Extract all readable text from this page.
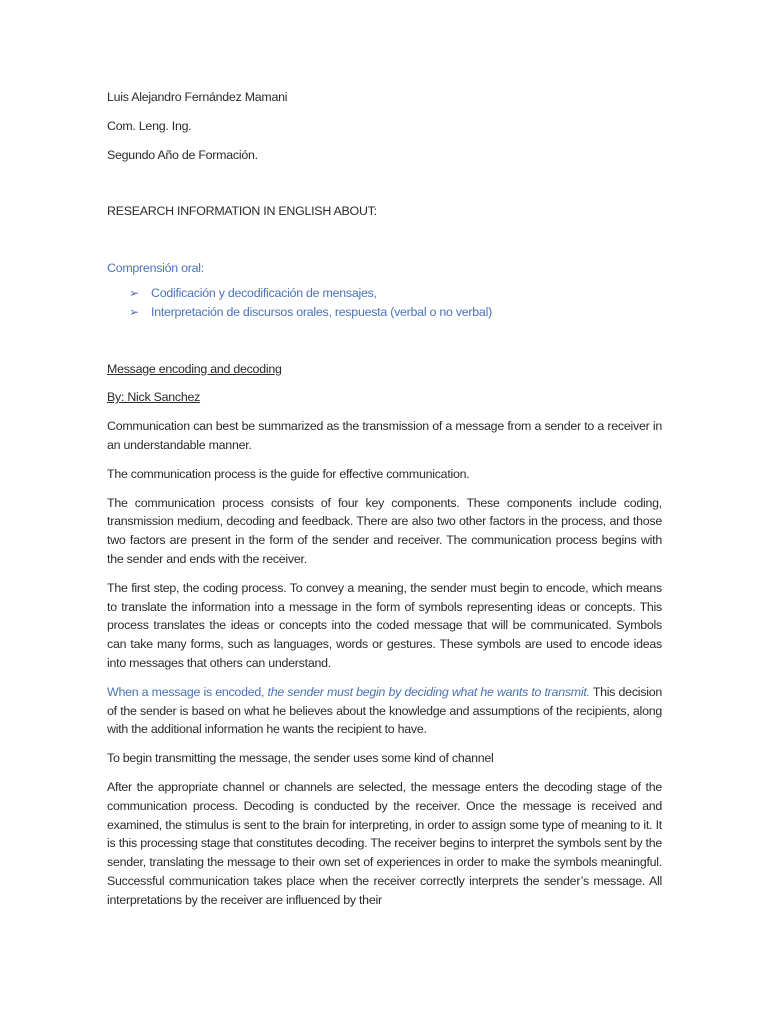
Luis Alejandro Fernández Mamani

Com. Leng. Ing.

Segundo Año de Formación.

RESEARCH INFORMATION IN ENGLISH ABOUT:

Comprensión oral:

➢ Codificación y decodificación de mensajes,
➢ Interpretación de discursos orales, respuesta (verbal o no verbal)

Message encoding and decoding

By: Nick Sanchez

Communication can best be summarized as the transmission of a message from a sender to a receiver in an understandable manner.

The communication process is the guide for effective communication.

The communication process consists of four key components. These components include coding, transmission medium, decoding and feedback. There are also two other factors in the process, and those two factors are present in the form of the sender and receiver. The communication process begins with the sender and ends with the receiver.

The first step, the coding process. To convey a meaning, the sender must begin to encode, which means to translate the information into a message in the form of symbols representing ideas or concepts. This process translates the ideas or concepts into the coded message that will be communicated. Symbols can take many forms, such as languages, words or gestures. These symbols are used to encode ideas into messages that others can understand.

When a message is encoded, the sender must begin by deciding what he wants to transmit. This decision of the sender is based on what he believes about the knowledge and assumptions of the recipients, along with the additional information he wants the recipient to have.

To begin transmitting the message, the sender uses some kind of channel

After the appropriate channel or channels are selected, the message enters the decoding stage of the communication process. Decoding is conducted by the receiver. Once the message is received and examined, the stimulus is sent to the brain for interpreting, in order to assign some type of meaning to it. It is this processing stage that constitutes decoding. The receiver begins to interpret the symbols sent by the sender, translating the message to their own set of experiences in order to make the symbols meaningful. Successful communication takes place when the receiver correctly interprets the sender’s message. All interpretations by the receiver are influenced by their
